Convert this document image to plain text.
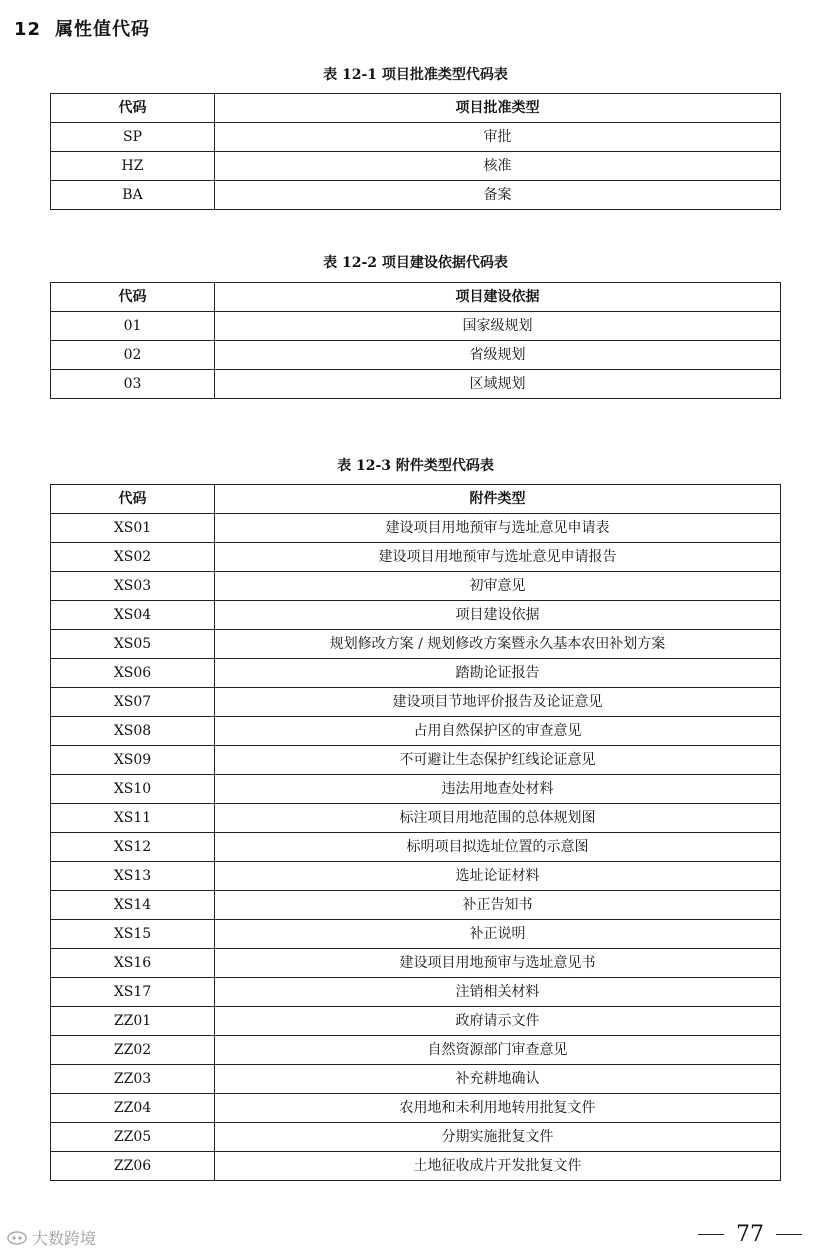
12 属性值代码
表 12-1 项目批准类型代码表
代码	项目批准类型
SP	审批
HZ	核准
BA	备案
表 12-2 项目建设依据代码表
代码	项目建设依据
01	国家级规划
02	省级规划
03	区域规划
表 12-3 附件类型代码表
代码	附件类型
XS01	建设项目用地预审与选址意见申请表
XS02	建设项目用地预审与选址意见申请报告
XS03	初审意见
XS04	项目建设依据
XS05	规划修改方案 / 规划修改方案暨永久基本农田补划方案
XS06	踏勘论证报告
XS07	建设项目节地评价报告及论证意见
XS08	占用自然保护区的审查意见
XS09	不可避让生态保护红线论证意见
XS10	违法用地查处材料
XS11	标注项目用地范围的总体规划图
XS12	标明项目拟选址位置的示意图
XS13	选址论证材料
XS14	补正告知书
XS15	补正说明
XS16	建设项目用地预审与选址意见书
XS17	注销相关材料
ZZ01	政府请示文件
ZZ02	自然资源部门审查意见
ZZ03	补充耕地确认
ZZ04	农用地和未利用地转用批复文件
ZZ05	分期实施批复文件
ZZ06	土地征收成片开发批复文件
大数跨境	77
